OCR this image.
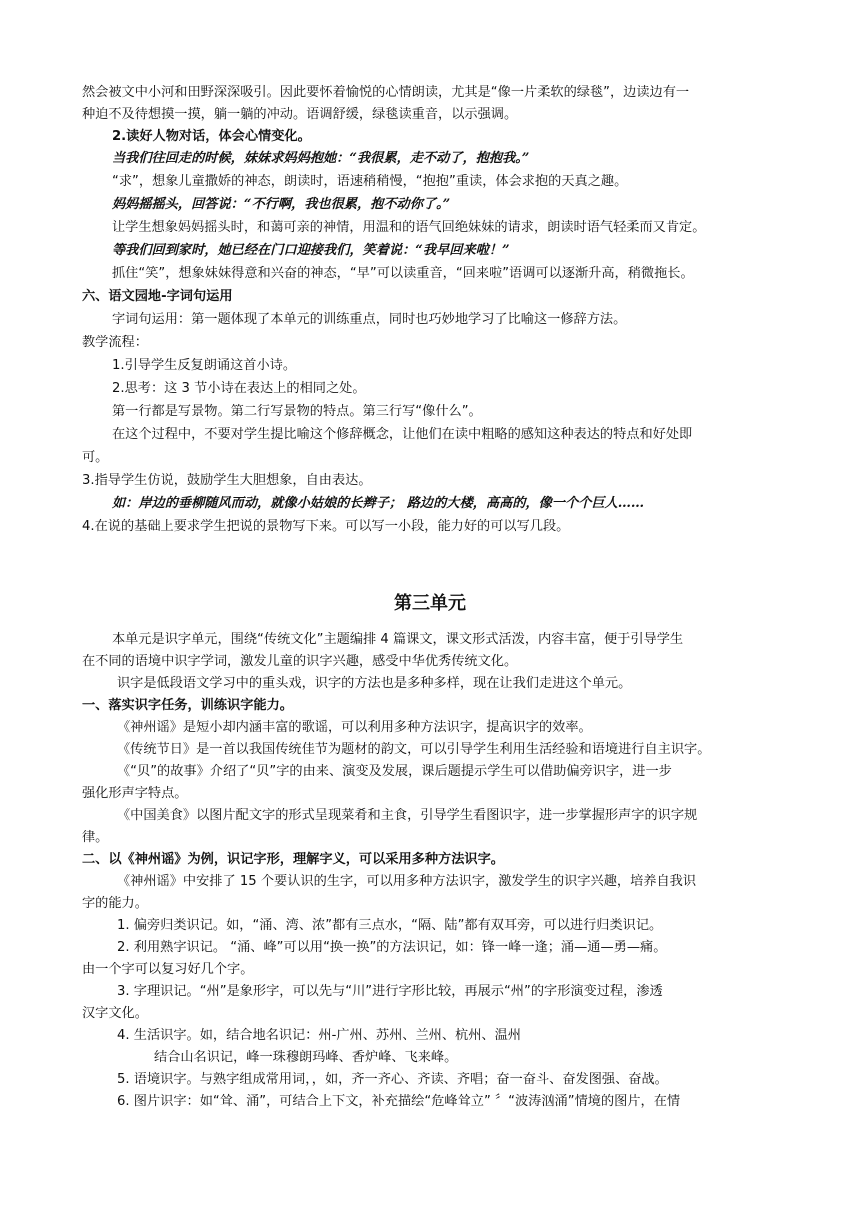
然会被文中小河和田野深深吸引。因此要怀着愉悦的心情朗读，尤其是“像一片柔软的绿毯”，边读边有一
种迫不及待想摸一摸，躺一躺的冲动。语调舒缓，绿毯读重音，以示强调。
2.读好人物对话，体会心情变化。
当我们往回走的时候，妹妹求妈妈抱她：“我很累，走不动了，抱抱我。”
“求”，想象儿童撒娇的神态，朗读时，语速稍稍慢，“抱抱”重读，体会求抱的天真之趣。
妈妈摇摇头，回答说：“不行啊，我也很累，抱不动你了。”
让学生想象妈妈摇头时，和蔼可亲的神情，用温和的语气回绝妹妹的请求，朗读时语气轻柔而又肯定。
等我们回到家时，她已经在门口迎接我们，笑着说：“我早回来啦！”
抓住“笑”，想象妹妹得意和兴奋的神态，“早”可以读重音，“回来啦”语调可以逐渐升高，稍微拖长。
六、语文园地-字词句运用
字词句运用：第一题体现了本单元的训练重点，同时也巧妙地学习了比喻这一修辞方法。
教学流程：
1.引导学生反复朗诵这首小诗。
2.思考：这 3 节小诗在表达上的相同之处。
第一行都是写景物。第二行写景物的特点。第三行写“像什么”。
在这个过程中，不要对学生提比喻这个修辞概念，让他们在读中粗略的感知这种表达的特点和好处即
可。
3.指导学生仿说，鼓励学生大胆想象，自由表达。
如：岸边的垂柳随风而动，就像小姑娘的长辫子； 路边的大楼，高高的，像一个个巨人……
4.在说的基础上要求学生把说的景物写下来。可以写一小段，能力好的可以写几段。
第三单元
本单元是识字单元，围绕“传统文化”主题编排 4 篇课文，课文形式活泼，内容丰富，便于引导学生
在不同的语境中识字学词，激发儿童的识字兴趣，感受中华优秀传统文化。
识字是低段语文学习中的重头戏，识字的方法也是多种多样，现在让我们走进这个单元。
一、落实识字任务，训练识字能力。
《神州谣》是短小却内涵丰富的歌谣，可以利用多种方法识字，提高识字的效率。
《传统节日》是一首以我国传统佳节为题材的韵文，可以引导学生利用生活经验和语境进行自主识字。
《“贝”的故事》介绍了“贝”字的由来、演变及发展，课后题提示学生可以借助偏旁识字，进一步
强化形声字特点。
《中国美食》以图片配文字的形式呈现菜肴和主食，引导学生看图识字，进一步掌握形声字的识字规
律。
二、以《神州谣》为例，识记字形，理解字义，可以采用多种方法识字。
《神州谣》中安排了 15 个要认识的生字，可以用多种方法识字，激发学生的识字兴趣，培养自我识
字的能力。
1. 偏旁归类识记。如，“涌、湾、浓”都有三点水，“隔、陆”都有双耳旁，可以进行归类识记。
2. 利用熟字识记。 “涌、峰”可以用“换一换”的方法识记，如：锋一峰一逢；涌—通—勇—痛。
由一个字可以复习好几个字。
3. 字理识记。“州”是象形字，可以先与“川”进行字形比较，再展示“州”的字形演变过程，渗透
汉字文化。
4. 生活识字。如，结合地名识记：州-广州、苏州、兰州、杭州、温州
结合山名识记，峰一珠穆朗玛峰、香炉峰、飞来峰。
5. 语境识字。与熟字组成常用词，，如，齐一齐心、齐读、齐唱；奋一奋斗、奋发图强、奋战。
6. 图片识字：如“耸、涌”，可结合上下文，补充描绘“危峰耸立” 〞“波涛汹涌”情境的图片，在情
